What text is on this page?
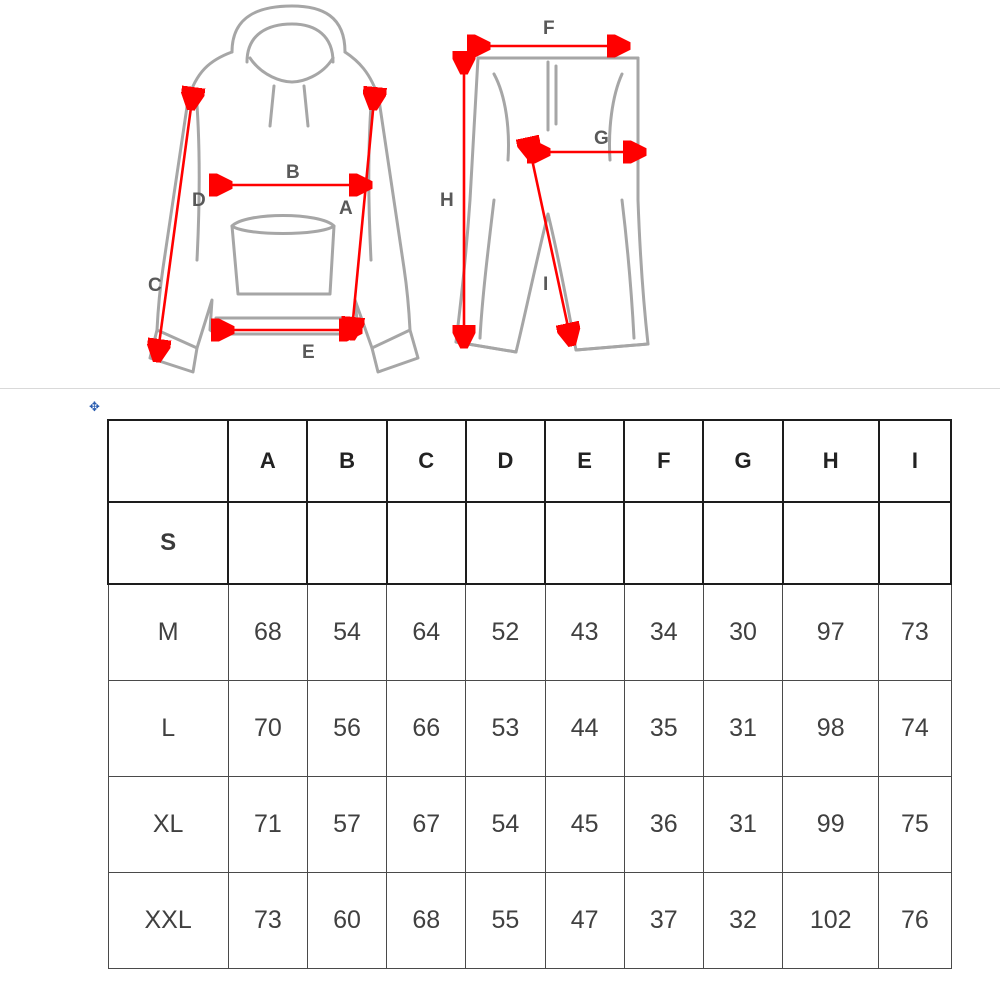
A
B
C
D
E
F
G
H
I
✥
	A	B	C	D	E	F	G	H	I
S									
M	68	54	64	52	43	34	30	97	73
L	70	56	66	53	44	35	31	98	74
XL	71	57	67	54	45	36	31	99	75
XXL	73	60	68	55	47	37	32	102	76
